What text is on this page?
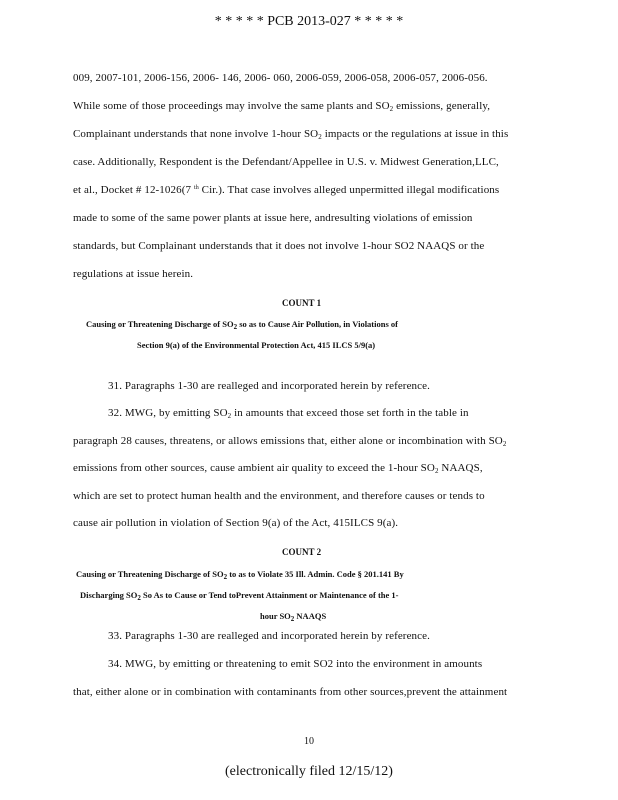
* * * * * PCB 2013-027 * * * * *
009, 2007-101, 2006-156, 2006- 146, 2006- 060, 2006-059, 2006-058, 2006-057, 2006-056.
While some of those proceedings may involve the same plants and $SO_2$ emissions, generally,
Complainant understands that none involve 1-hour $SO_2$ impacts or the regulations at issue in this
case. Additionally, Respondent is the Defendant/Appellee in U.S. v. Midwest Generation,LLC,
et al., Docket # 12-1026(7 $^{th}$ Cir.). That case involves alleged unpermitted illegal modifications
made to some of the same power plants at issue here, andresulting violations of emission
standards, but Complainant understands that it does not involve 1-hour SO2 NAAQS or the
regulations at issue herein.
COUNT 1
Causing or Threatening Discharge of $SO_2$ so as to Cause Air Pollution, in Violations of
Section 9(a) of the Environmental Protection Act, 415 ILCS 5/9(a)
31. Paragraphs 1-30 are realleged and incorporated herein by reference.
32. MWG, by emitting $SO_2$ in amounts that exceed those set forth in the table in
paragraph 28 causes, threatens, or allows emissions that, either alone or incombination with $SO_2$
emissions from other sources, cause ambient air quality to exceed the 1-hour $SO_2$ NAAQS,
which are set to protect human health and the environment, and therefore causes or tends to
cause air pollution in violation of Section 9(a) of the Act, 415ILCS 9(a).
COUNT 2
Causing or Threatening Discharge of $SO_2$ to as to Violate 35 Ill. Admin. Code § 201.141 By
Discharging $SO_2$ So As to Cause or Tend toPrevent Attainment or Maintenance of the 1-
hour $SO_2$ NAAQS
33. Paragraphs 1-30 are realleged and incorporated herein by reference.
34. MWG, by emitting or threatening to emit SO2 into the environment in amounts
that, either alone or in combination with contaminants from other sources,prevent the attainment
10
(electronically filed 12/15/12)
